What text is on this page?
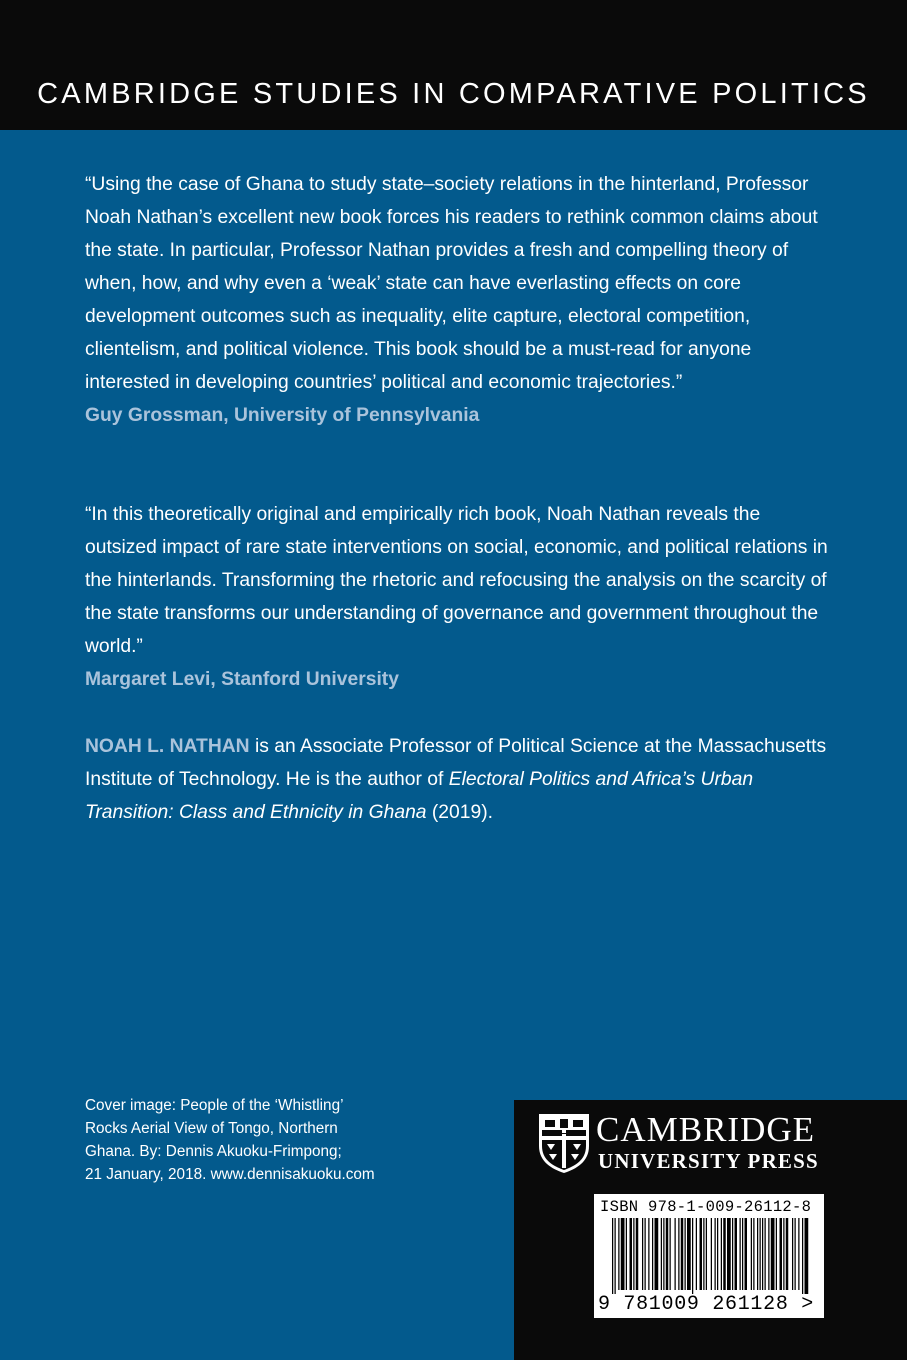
CAMBRIDGE STUDIES IN COMPARATIVE POLITICS
“Using the case of Ghana to study state–society relations in the hinterland, Professor Noah Nathan’s excellent new book forces his readers to rethink common claims about the state. In particular, Professor Nathan provides a fresh and compelling theory of when, how, and why even a ‘weak’ state can have everlasting effects on core development outcomes such as inequality, elite capture, electoral competition, clientelism, and political violence. This book should be a must-read for anyone interested in developing countries’ political and economic trajectories.”
Guy Grossman, University of Pennsylvania
“In this theoretically original and empirically rich book, Noah Nathan reveals the outsized impact of rare state interventions on social, economic, and political relations in the hinterlands. Transforming the rhetoric and refocusing the analysis on the scarcity of the state transforms our understanding of governance and government throughout the world.”
Margaret Levi, Stanford University
NOAH L. NATHAN is an Associate Professor of Political Science at the Massachusetts Institute of Technology. He is the author of Electoral Politics and Africa’s Urban Transition: Class and Ethnicity in Ghana (2019).
Cover image: People of the ‘Whistling’
Rocks Aerial View of Tongo, Northern
Ghana. By: Dennis Akuoku-Frimpong;
21 January, 2018. www.dennisakuoku.com
CAMBRIDGE
UNIVERSITY PRESS
ISBN 978-1-009-26112-8
9 781009 261128 >
